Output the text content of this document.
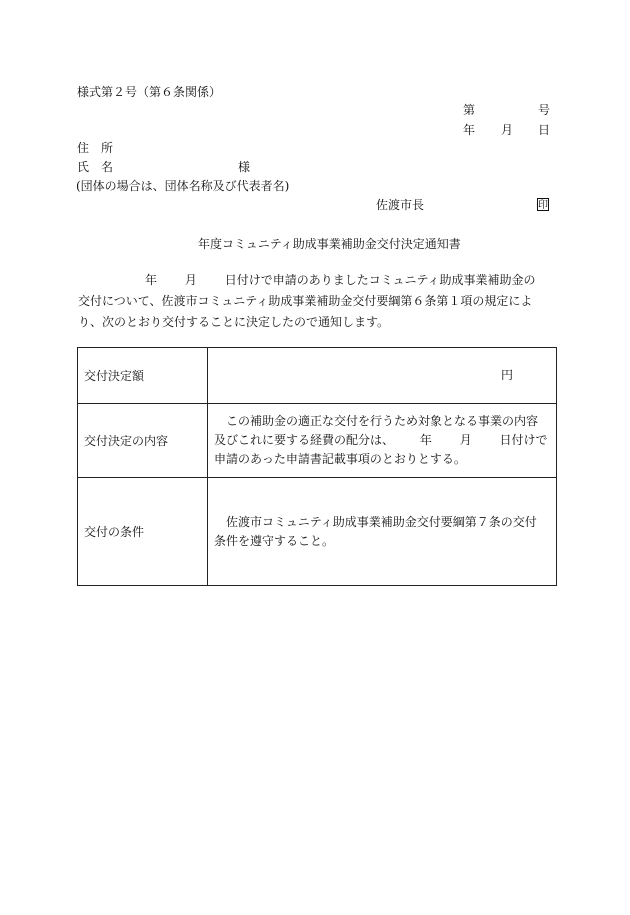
様式第２号（第６条関係）
第	号
年 月 日
住　所
氏　名	様
(団体の場合は、団体名称及び代表者名)
佐渡市長	印
年度コミュニティ助成事業補助金交付決定通知書
年 月 日付けで申請のありましたコミュニティ助成事業補助金の
交付について、佐渡市コミュニティ助成事業補助金交付要綱第６条第１項の規定によ
り、次のとおり交付することに決定したので通知します。
交付決定額	円
交付決定の内容	この補助金の適正な交付を行うため対象となる事業の内容
及びこれに要する経費の配分は、 年 月 日付けで
申請のあった申請書記載事項のとおりとする。

交付の条件	佐渡市コミュニティ助成事業補助金交付要綱第７条の交付
条件を遵守すること。
